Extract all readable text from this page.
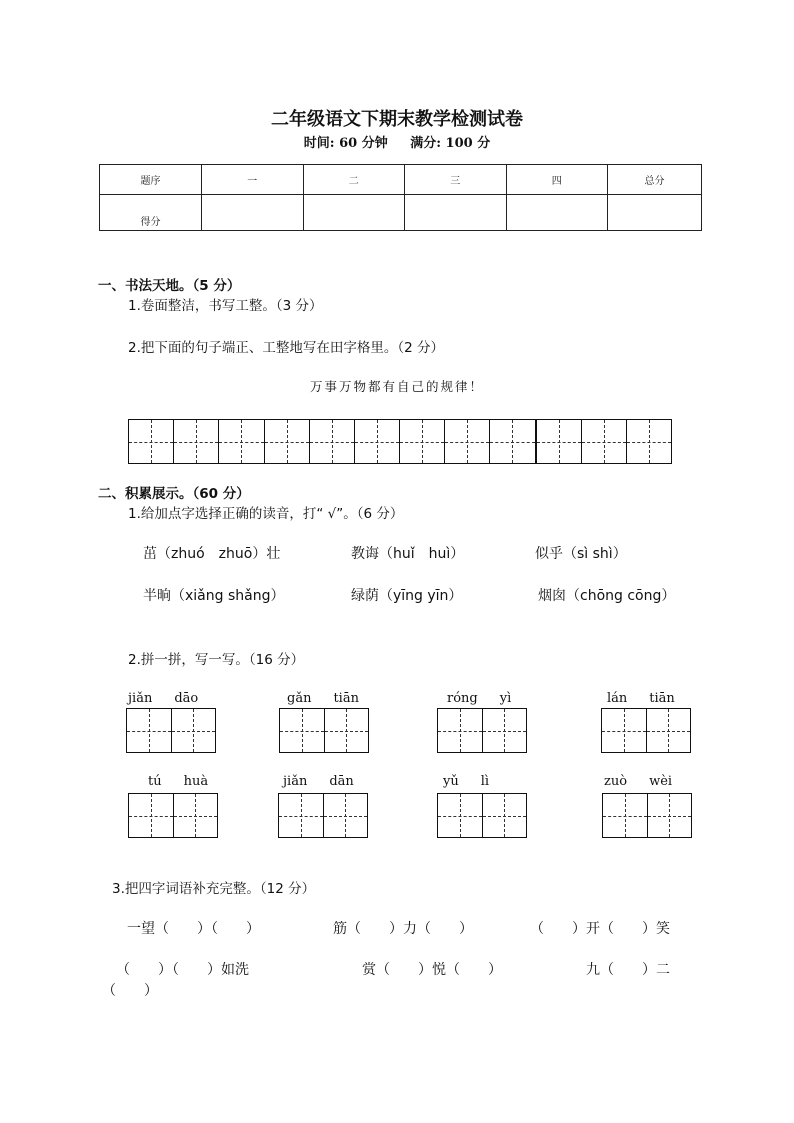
二年级语文下期末教学检测试卷
时间: 60 分钟 满分: 100 分
题序	一	二	三	四	总分
得分					
一、书法天地。（5 分）
1.卷面整洁，书写工整。（3 分）
2.把下面的句子端正、工整地写在田字格里。（2 分）
万事万物都有自己的规律！
二、积累展示。（60 分）
1.给加点字选择正确的读音，打“ √”。（6 分）
茁（zhuó　zhuō）壮	教诲（huǐ　huì）	似乎（sì shì）
半晌（xiǎng shǎng）	绿荫（yīng yīn）	烟囱（chōng cōng）
2.拼一拼，写一写。（16 分）
jiǎn dāo	gǎn tiān	róng yì	lán tiān
tú huà	jiǎn dān	yǔ lì	zuò wèi
3.把四字词语补充完整。（12 分）
一望（　　）（　　）	筋（　　）力（　　）	（　　）开（　　）笑
（　　）（　　）如洗	赏（　　）悦（　　）	九（　　）二
（　　）
